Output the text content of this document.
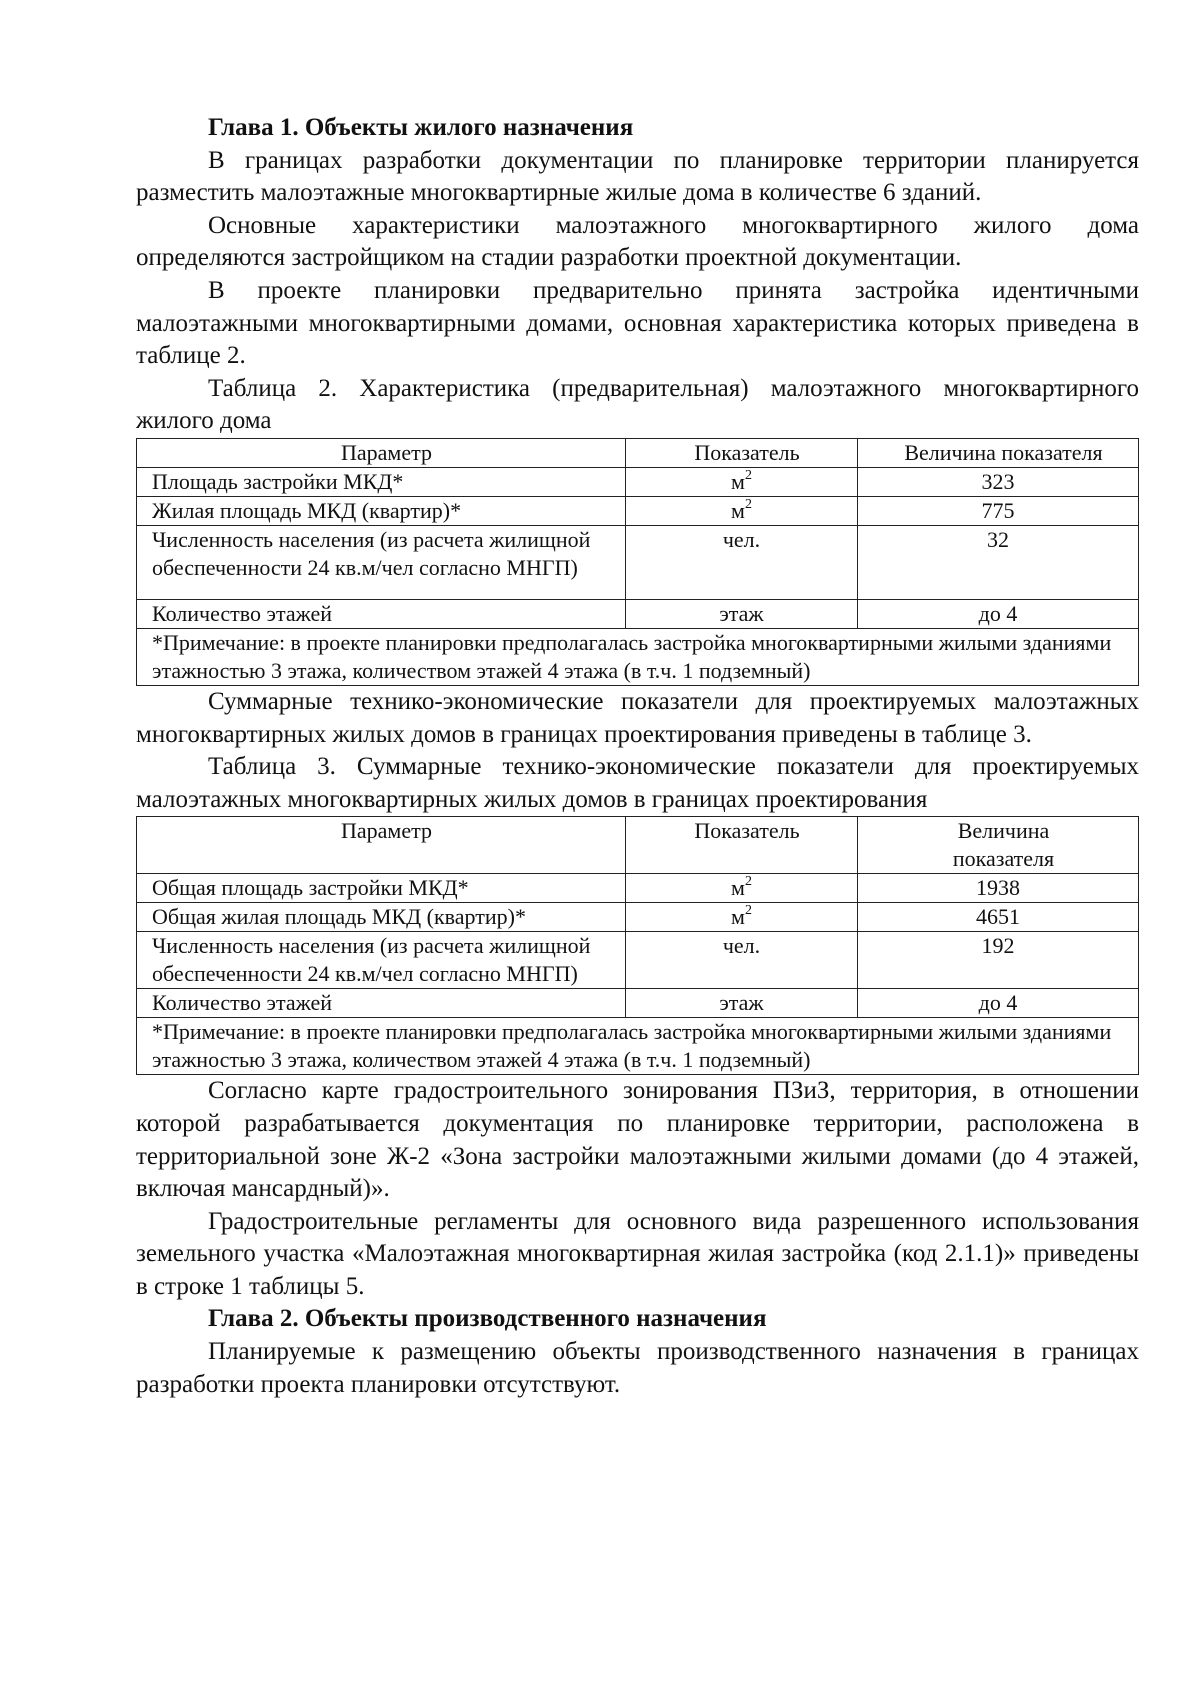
Глава 1. Объекты жилого назначения

В границах разработки документации по планировке территории планируется разместить малоэтажные многоквартирные жилые дома в количестве 6 зданий.

Основные характеристики малоэтажного многоквартирного жилого дома определяются застройщиком на стадии разработки проектной документации.

В проекте планировки предварительно принята застройка идентичными малоэтажными многоквартирными домами, основная характеристика которых приведена в таблице 2.

Таблица 2. Характеристика (предварительная) малоэтажного многоквартирного жилого дома

Параметр	Показатель	Величина показателя
Площадь застройки МКД*	$м^2$	323
Жилая площадь МКД (квартир)*	$м^2$	775
Численность населения (из расчета жилищной обеспеченности 24 кв.м/чел согласно МНГП)	чел.	32
Количество этажей	этаж	до 4
*Примечание: в проекте планировки предполагалась застройка многоквартирными жилыми зданиями этажностью 3 этажа, количеством этажей 4 этажа (в т.ч. 1 подземный)		

Суммарные технико-экономические показатели для проектируемых малоэтажных многоквартирных жилых домов в границах проектирования приведены в таблице 3.

Таблица 3. Суммарные технико-экономические показатели для проектируемых малоэтажных многоквартирных жилых домов в границах проектирования

Параметр	Показатель	Величина показателя

Общая площадь застройки МКД*	$м^2$	1938
Общая жилая площадь МКД (квартир)*	$м^2$	4651
Численность населения (из расчета жилищной обеспеченности 24 кв.м/чел согласно МНГП)	чел.	192
Количество этажей	этаж	до 4
*Примечание: в проекте планировки предполагалась застройка многоквартирными жилыми зданиями этажностью 3 этажа, количеством этажей 4 этажа (в т.ч. 1 подземный)		

Согласно карте градостроительного зонирования ПЗиЗ, территория, в отношении которой разрабатывается документация по планировке территории, расположена в территориальной зоне Ж-2 «Зона застройки малоэтажными жилыми домами (до 4 этажей, включая мансардный)».

Градостроительные регламенты для основного вида разрешенного использования земельного участка «Малоэтажная многоквартирная жилая застройка (код 2.1.1)» приведены в строке 1 таблицы 5.

Глава 2. Объекты производственного назначения

Планируемые к размещению объекты производственного назначения в границах разработки проекта планировки отсутствуют.
